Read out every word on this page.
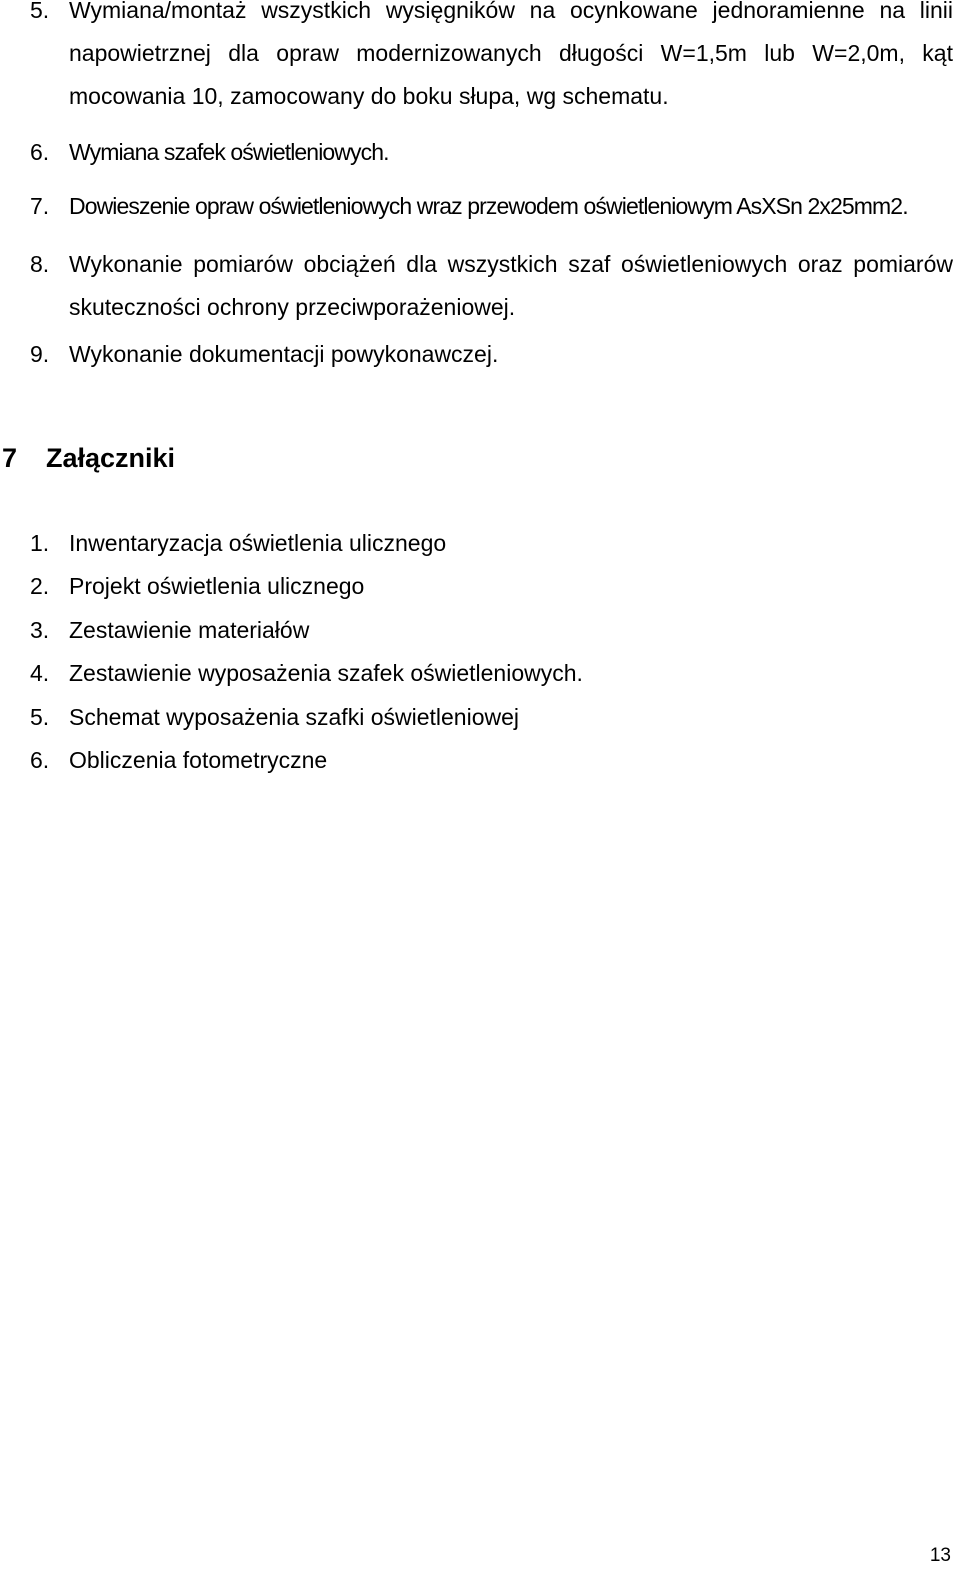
5. Wymiana/montaż wszystkich wysięgników na ocynkowane jednoramienne na linii napowietrznej dla opraw modernizowanych długości W=1,5m lub W=2,0m, kąt mocowania 10, zamocowany do boku słupa, wg schematu.
6. Wymiana szafek oświetleniowych.
7. Dowieszenie opraw oświetleniowych wraz przewodem oświetleniowym AsXSn 2x25mm2.
8. Wykonanie pomiarów obciążeń dla wszystkich szaf oświetleniowych oraz pomiarów skuteczności ochrony przeciwporażeniowej.
9. Wykonanie dokumentacji powykonawczej.
7 Załączniki
1. Inwentaryzacja oświetlenia ulicznego
2. Projekt oświetlenia ulicznego
3. Zestawienie materiałów
4. Zestawienie wyposażenia szafek oświetleniowych.
5. Schemat wyposażenia szafki oświetleniowej
6. Obliczenia fotometryczne
13
